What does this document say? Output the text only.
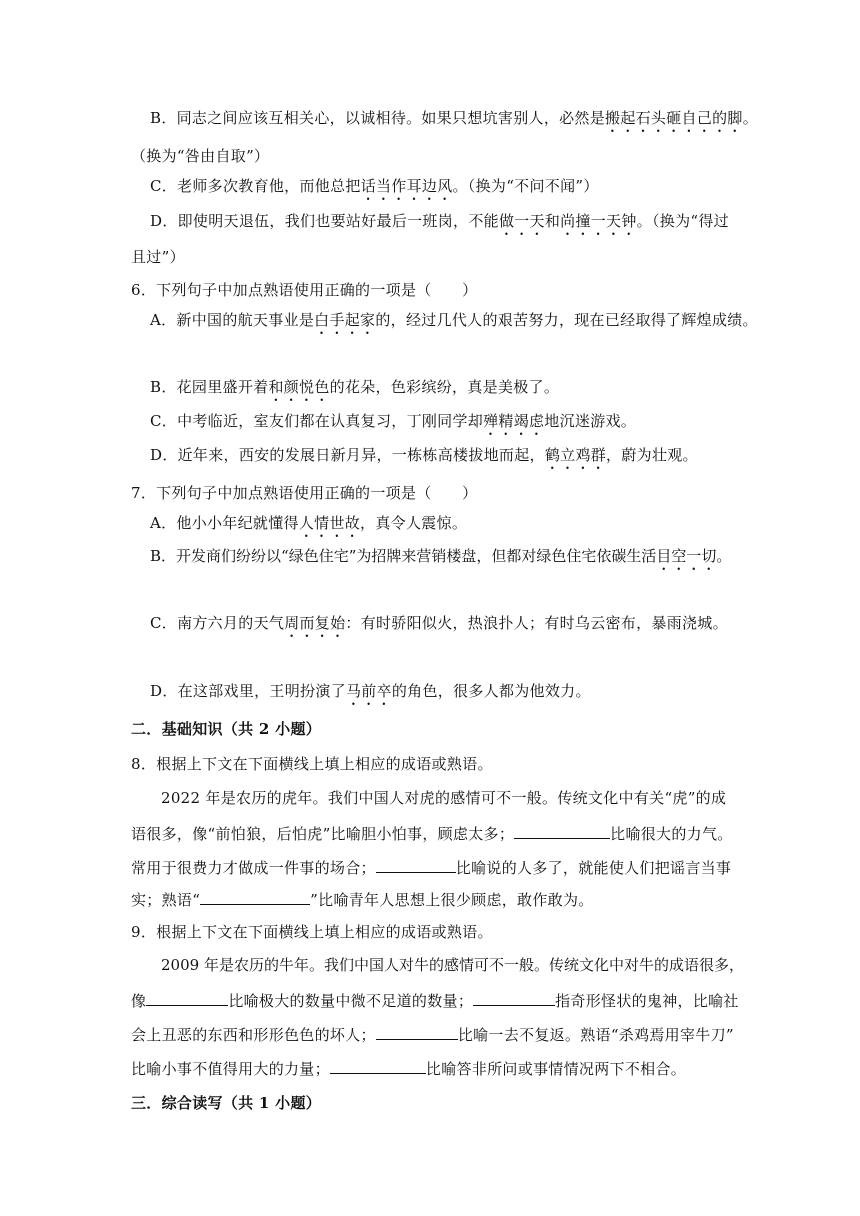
B．同志之间应该互相关心，以诚相待。如果只想坑害别人，必然是搬起石头砸自己的脚。
（换为“咎由自取”）
C．老师多次教育他，而他总把话当作耳边风。（换为“不问不闻”）
D．即使明天退伍，我们也要站好最后一班岗，不能做一天和尚撞一天钟。（换为“得过
且过”）
6．下列句子中加点熟语使用正确的一项是（　　）
A．新中国的航天事业是白手起家的，经过几代人的艰苦努力，现在已经取得了辉煌成绩。
B．花园里盛开着和颜悦色的花朵，色彩缤纷，真是美极了。
C．中考临近，室友们都在认真复习，丁刚同学却殚精竭虑地沉迷游戏。
D．近年来，西安的发展日新月异，一栋栋高楼拔地而起，鹤立鸡群，蔚为壮观。
7．下列句子中加点熟语使用正确的一项是（　　）
A．他小小年纪就懂得人情世故，真令人震惊。
B．开发商们纷纷以“绿色住宅”为招牌来营销楼盘，但都对绿色住宅依碳生活目空一切。
C．南方六月的天气周而复始：有时骄阳似火，热浪扑人；有时乌云密布，暴雨浇城。
D．在这部戏里，王明扮演了马前卒的角色，很多人都为他效力。
二．基础知识（共 2 小题）
8．根据上下文在下面横线上填上相应的成语或熟语。
2022 年是农历的虎年。我们中国人对虎的感情可不一般。传统文化中有关“虎”的成
语很多，像“前怕狼，后怕虎”比喻胆小怕事，顾虑太多；	比喻很大的力气。
常用于很费力才做成一件事的场合；	比喻说的人多了，就能使人们把谣言当事
实；熟语“	”比喻青年人思想上很少顾虑，敢作敢为。
9．根据上下文在下面横线上填上相应的成语或熟语。
2009 年是农历的牛年。我们中国人对牛的感情可不一般。传统文化中对牛的成语很多，
像	比喻极大的数量中微不足道的数量；	指奇形怪状的鬼神，比喻社
会上丑恶的东西和形形色色的坏人；	比喻一去不复返。熟语“杀鸡焉用宰牛刀”
比喻小事不值得用大的力量；	比喻答非所问或事情情况两下不相合。
三．综合读写（共 1 小题）
